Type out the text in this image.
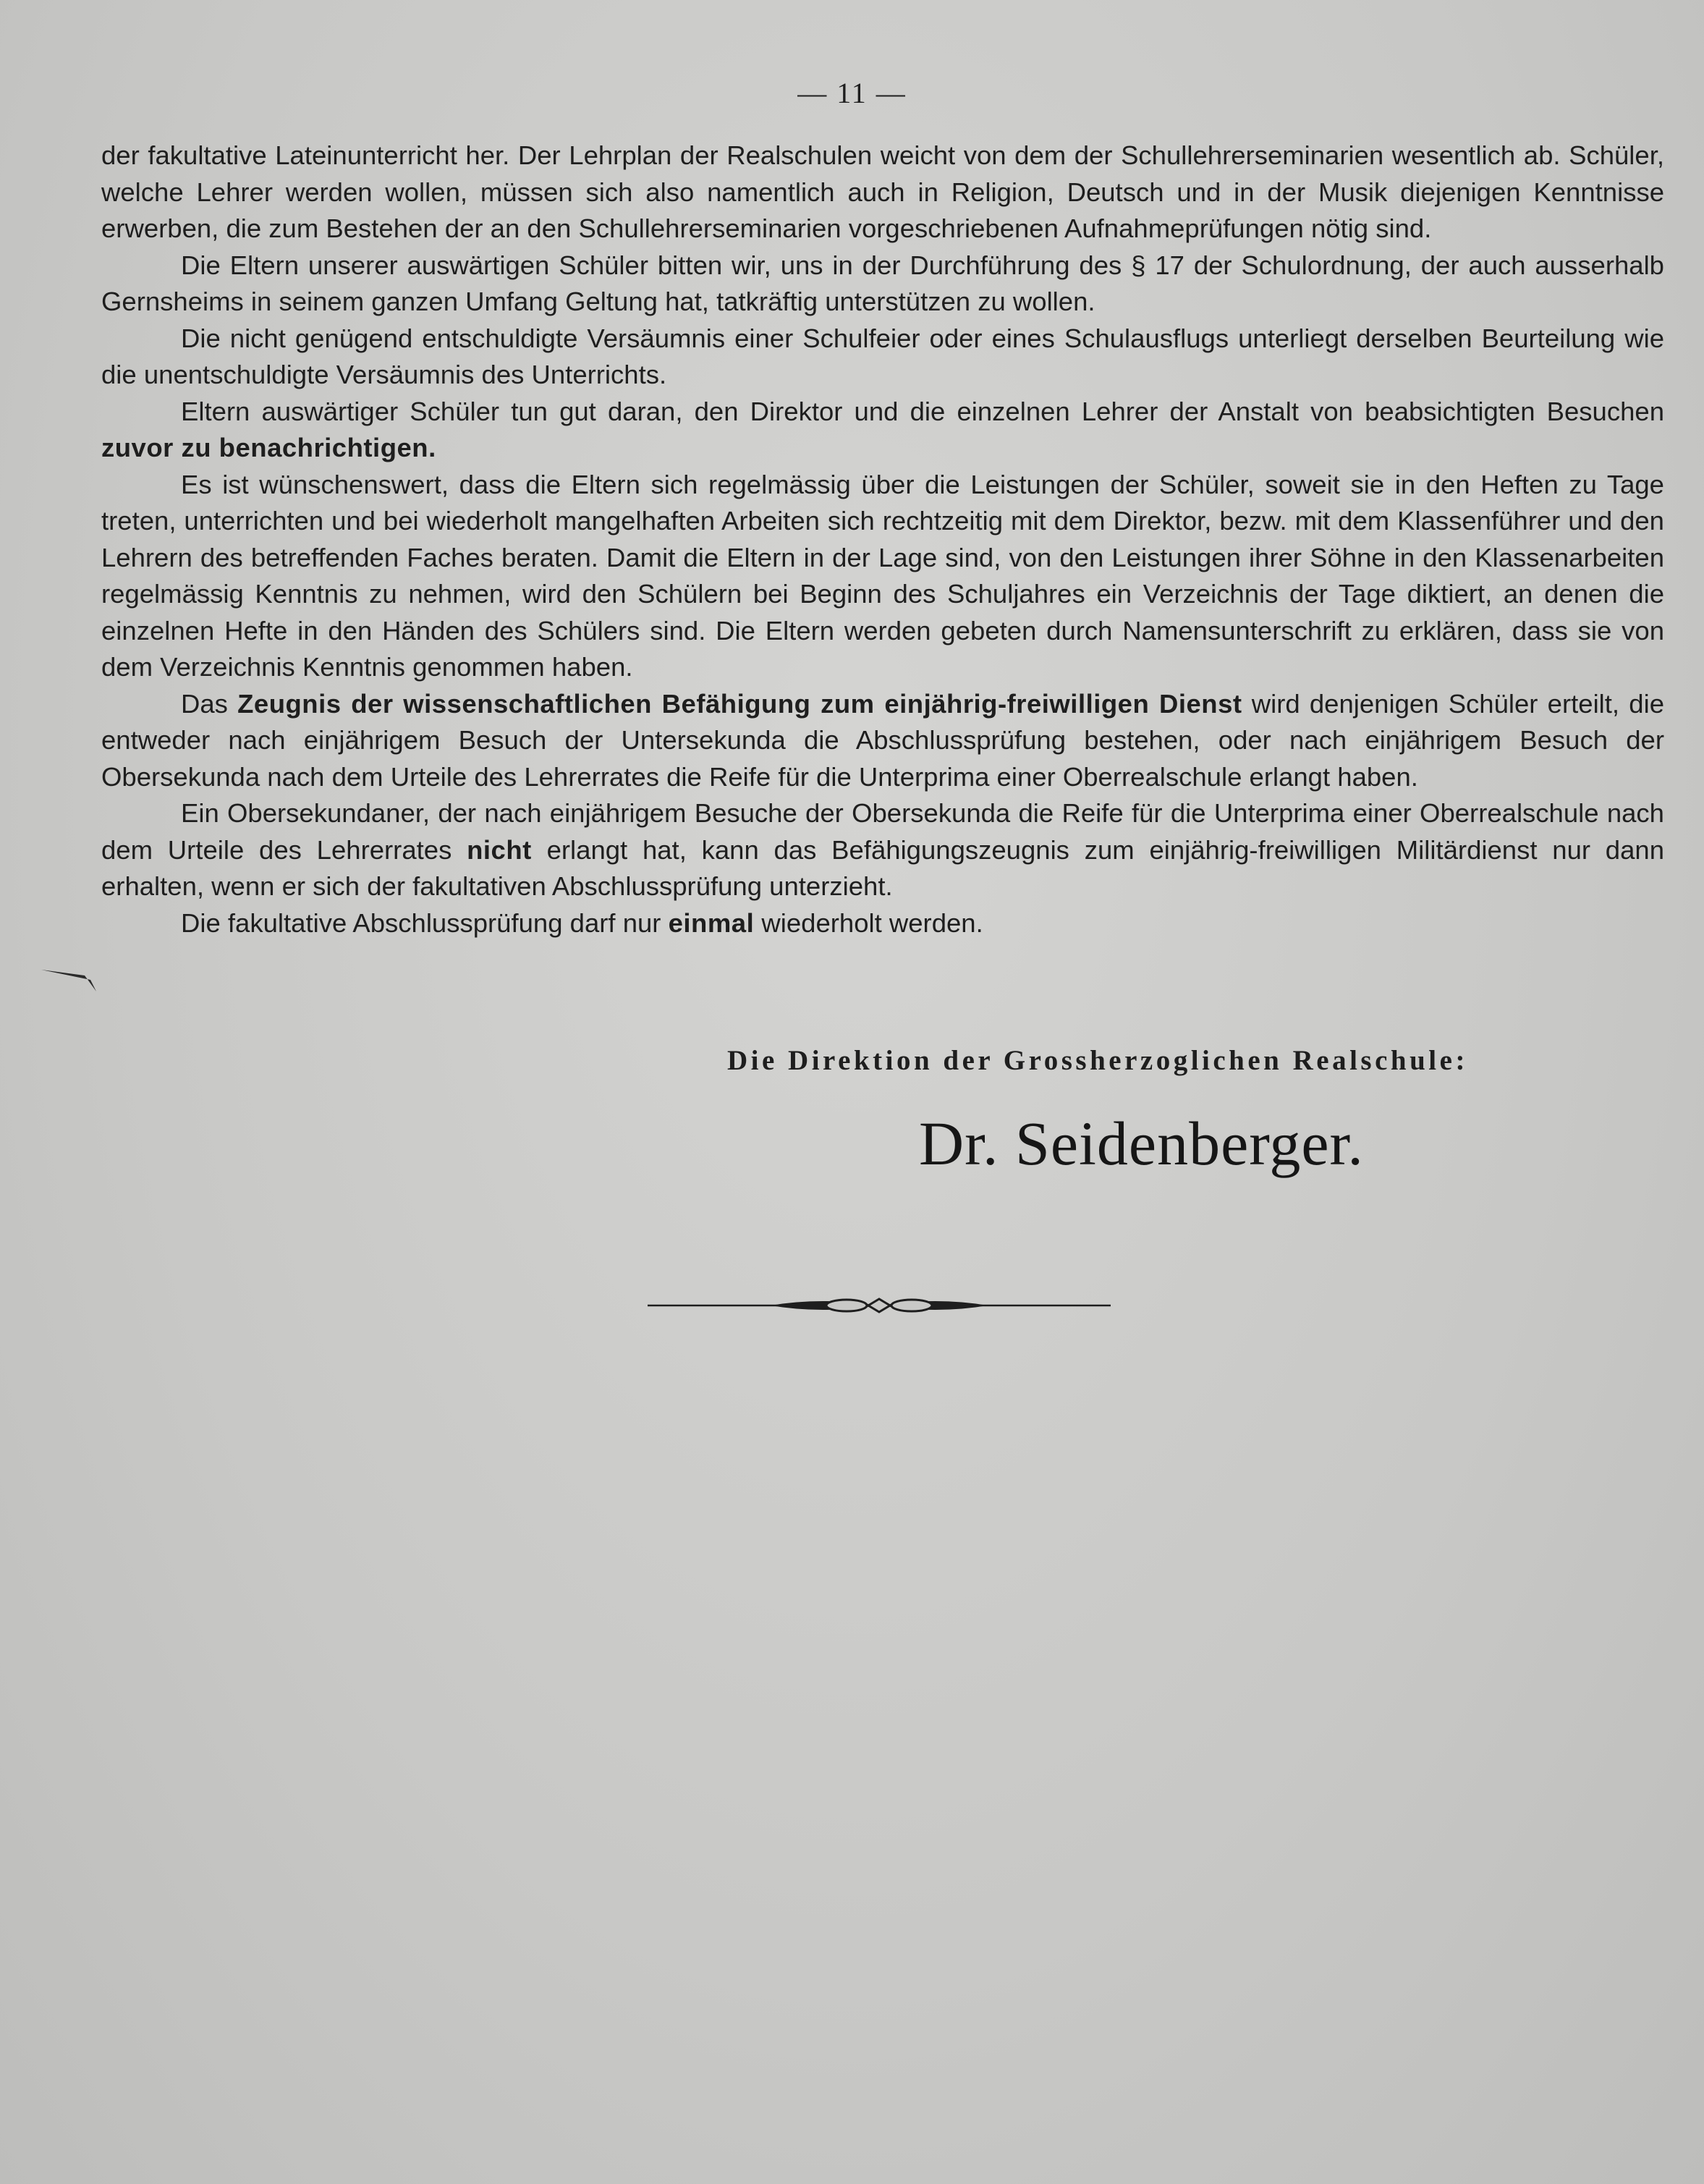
— 11 —

der fakultative Lateinunterricht her. Der Lehrplan der Realschulen weicht von dem der Schullehrerseminarien wesentlich ab. Schüler, welche Lehrer werden wollen, müssen sich also namentlich auch in Religion, Deutsch und in der Musik diejenigen Kenntnisse erwerben, die zum Bestehen der an den Schullehrerseminarien vorgeschriebenen Aufnahmeprüfungen nötig sind.

Die Eltern unserer auswärtigen Schüler bitten wir, uns in der Durchführung des § 17 der Schulordnung, der auch ausserhalb Gernsheims in seinem ganzen Umfang Geltung hat, tatkräftig unterstützen zu wollen.

Die nicht genügend entschuldigte Versäumnis einer Schulfeier oder eines Schulausflugs unterliegt derselben Beurteilung wie die unentschuldigte Versäumnis des Unterrichts.

Eltern auswärtiger Schüler tun gut daran, den Direktor und die einzelnen Lehrer der Anstalt von beabsichtigten Besuchen zuvor zu benachrichtigen.

Es ist wünschenswert, dass die Eltern sich regelmässig über die Leistungen der Schüler, soweit sie in den Heften zu Tage treten, unterrichten und bei wiederholt mangelhaften Arbeiten sich rechtzeitig mit dem Direktor, bezw. mit dem Klassenführer und den Lehrern des betreffenden Faches beraten. Damit die Eltern in der Lage sind, von den Leistungen ihrer Söhne in den Klassenarbeiten regelmässig Kenntnis zu nehmen, wird den Schülern bei Beginn des Schuljahres ein Verzeichnis der Tage diktiert, an denen die einzelnen Hefte in den Händen des Schülers sind. Die Eltern werden gebeten durch Namensunterschrift zu erklären, dass sie von dem Verzeichnis Kenntnis genommen haben.

Das Zeugnis der wissenschaftlichen Befähigung zum einjährig-freiwilligen Dienst wird denjenigen Schüler erteilt, die entweder nach einjährigem Besuch der Untersekunda die Abschlussprüfung bestehen, oder nach einjährigem Besuch der Obersekunda nach dem Urteile des Lehrerrates die Reife für die Unterprima einer Oberrealschule erlangt haben.

Ein Obersekundaner, der nach einjährigem Besuche der Obersekunda die Reife für die Unterprima einer Oberrealschule nach dem Urteile des Lehrerrates nicht erlangt hat, kann das Befähigungszeugnis zum einjährig-freiwilligen Militärdienst nur dann erhalten, wenn er sich der fakultativen Abschlussprüfung unterzieht.

Die fakultative Abschlussprüfung darf nur einmal wiederholt werden.

Die Direktion der Grossherzoglichen Realschule:
Dr. Seidenberger.
